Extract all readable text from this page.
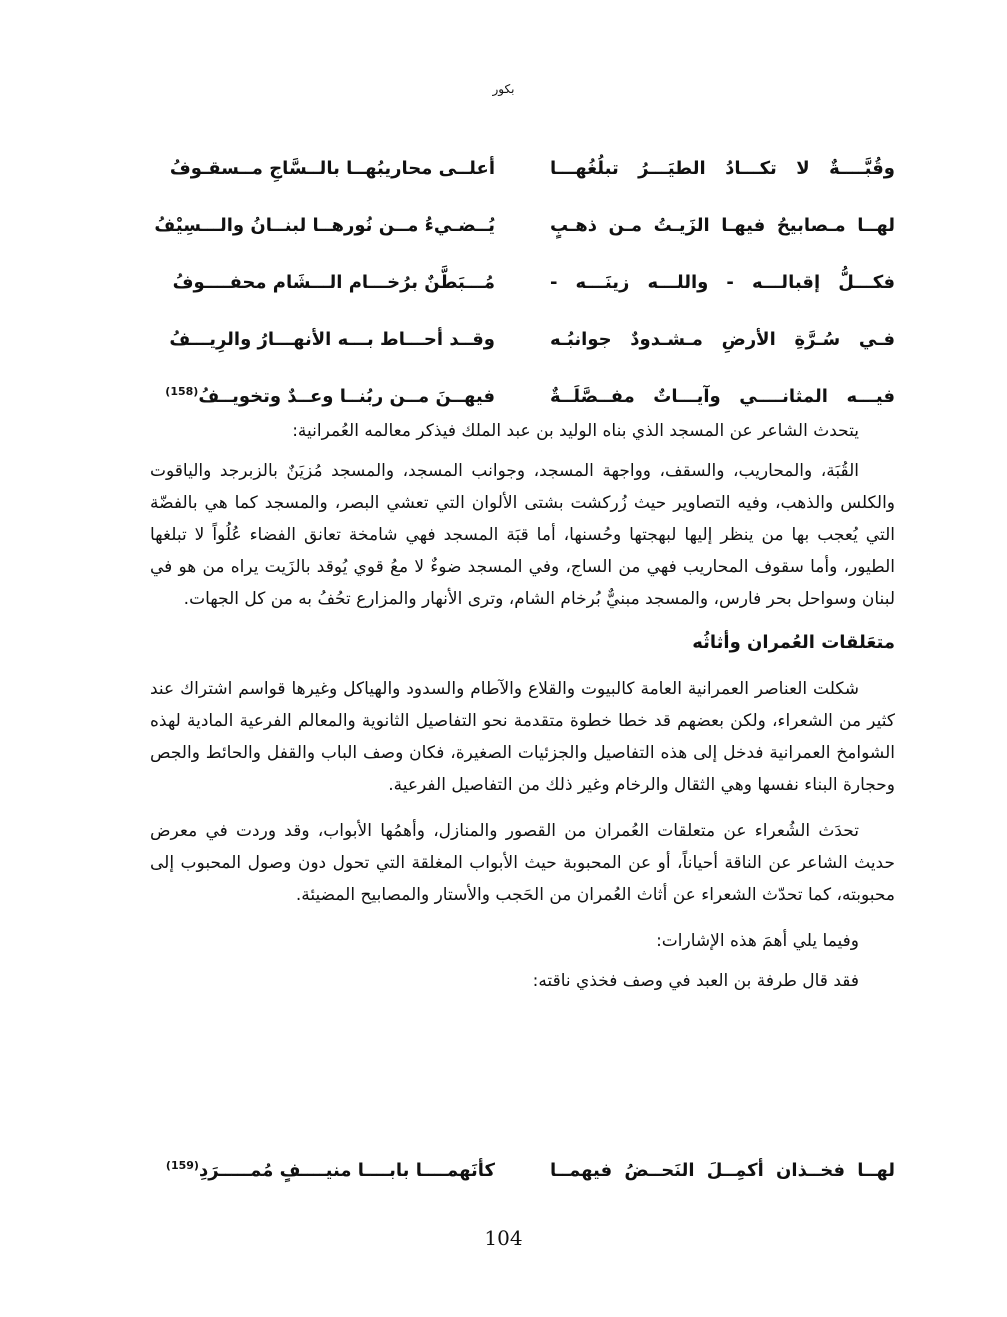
بكور
وقُبَّــــةٌ لا تكـــادُ الطيَـــرُ تبلُغُهـــا
أعلــى محاريبُهــا بالــسَّاجِ مــسقـوفُ
لهــا مـصابيحُ فيهـا الزَيـتُ مـن ذهـبٍ
يُــضـيءُ مــن نُورهــا لبنــانُ والـــسِيْفُ
فكـــلُّ إقبالـــه - واللـــه زينَـــه -
مُـــبَطَّنٌ برُخـــام الـــشَام محفــــوفُ
فـي سُـرَّةِ الأرضِ مـشـدودٌ جوانبُـه
وقــد أحـــاط بـــه الأنهـــارُ والرِيـــفُ
فيـــه المثانــــي وآيـــاتٌ مفــصَّلَــةٌ
فيهــنَ مــن ربُنــا وعــدٌ وتخويــفُ$^{(158)}$

يتحدث الشاعر عن المسجد الذي بناه الوليد بن عبد الملك فيذكر معالمه العُمرانية:

القُبَة، والمحاريب، والسقف، وواجهة المسجد، وجوانب المسجد، والمسجد مُزيَنٌ بالزبرجد والياقوت والكلس والذهب، وفيه التصاوير حيث زُركشت بشتى الألوان التي تعشي البصر، والمسجد كما هي بالفضّة التي يُعجب بها من ينظر إليها لبهجتها وحُسنها، أما قبَة المسجد فهي شامخة تعانق الفضاء عُلُواً لا تبلغها الطيور، وأما سقوف المحاريب فهي من الساج، وفي المسجد ضوءٌ لا معُ قوي يُوقد بالزَيت يراه من هو في لبنان وسواحل بحر فارس، والمسجد مبنيٌّ بُرخام الشام، وترى الأنهار والمزارع تحُفُ به من كل الجهات.

متعَلقات العُمران وأثاثُه

شكلت العناصر العمرانية العامة كالبيوت والقلاع والآطام والسدود والهياكل وغيرها قواسم اشتراك عند كثير من الشعراء، ولكن بعضهم قد خطا خطوة متقدمة نحو التفاصيل الثانوية والمعالم الفرعية المادية لهذه الشوامخ العمرانية فدخل إلى هذه التفاصيل والجزئيات الصغيرة، فكان وصف الباب والقفل والحائط والجص وحجارة البناء نفسها وهي الثقال والرخام وغير ذلك من التفاصيل الفرعية.

تحدَث الشُعراء عن متعلقات العُمران من القصور والمنازل، وأهمُها الأبواب، وقد وردت في معرض حديث الشاعر عن الناقة أحياناً، أو عن المحبوبة حيث الأبواب المغلقة التي تحول دون وصول المحبوب إلى محبوبته، كما تحدّث الشعراء عن أثاث العُمران من الحَجب والأستار والمصابيح المضيئة.

وفيما يلي أهمَ هذه الإشارات:

فقد قال طرفة بن العبد في وصف فخذي ناقته:

لهــا فخــذان أكمِــلَ النَحــضُ فيهمــا
كأنَهمــــا بابــــا منيــــفٍ مُمـــــرَدِ$^{(159)}$
104
